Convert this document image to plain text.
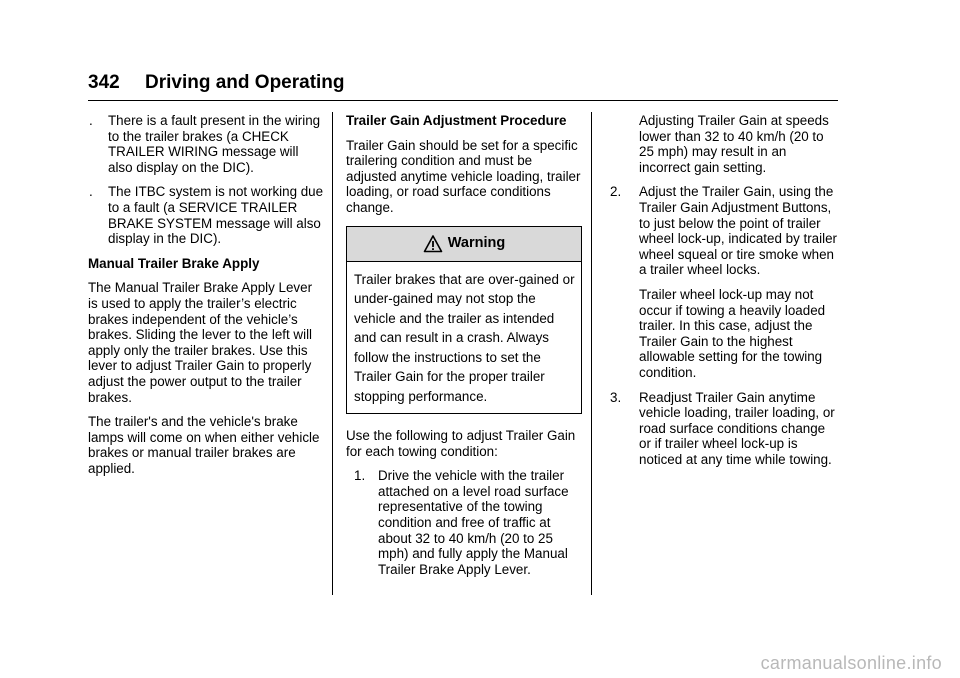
342 Driving and Operating
. There is a fault present in the wiring to the trailer brakes (a CHECK TRAILER WIRING message will also display on the DIC).
. The ITBC system is not working due to a fault (a SERVICE TRAILER BRAKE SYSTEM message will also display in the DIC).

Manual Trailer Brake Apply

The Manual Trailer Brake Apply Lever is used to apply the trailer’s electric brakes independent of the vehicle’s brakes. Sliding the lever to the left will apply only the trailer brakes. Use this lever to adjust Trailer Gain to properly adjust the power output to the trailer brakes.

The trailer's and the vehicle's brake lamps will come on when either vehicle brakes or manual trailer brakes are applied.

Trailer Gain Adjustment Procedure

Trailer Gain should be set for a specific trailering condition and must be adjusted anytime vehicle loading, trailer loading, or road surface conditions change.

Warning
Trailer brakes that are over-gained or under-gained may not stop the vehicle and the trailer as intended and can result in a crash. Always follow the instructions to set the Trailer Gain for the proper trailer stopping performance.

Use the following to adjust Trailer Gain for each towing condition:

1. Drive the vehicle with the trailer attached on a level road surface representative of the towing condition and free of traffic at about 32 to 40 km/h (20 to 25 mph) and fully apply the Manual Trailer Brake Apply Lever.
Adjusting Trailer Gain at speeds lower than 32 to 40 km/h (20 to 25 mph) may result in an incorrect gain setting.
2. Adjust the Trailer Gain, using the Trailer Gain Adjustment Buttons, to just below the point of trailer wheel lock-up, indicated by trailer wheel squeal or tire smoke when a trailer wheel locks.
Trailer wheel lock-up may not occur if towing a heavily loaded trailer. In this case, adjust the Trailer Gain to the highest allowable setting for the towing condition.
3. Readjust Trailer Gain anytime vehicle loading, trailer loading, or road surface conditions change or if trailer wheel lock-up is noticed at any time while towing.
carmanualsonline.info
